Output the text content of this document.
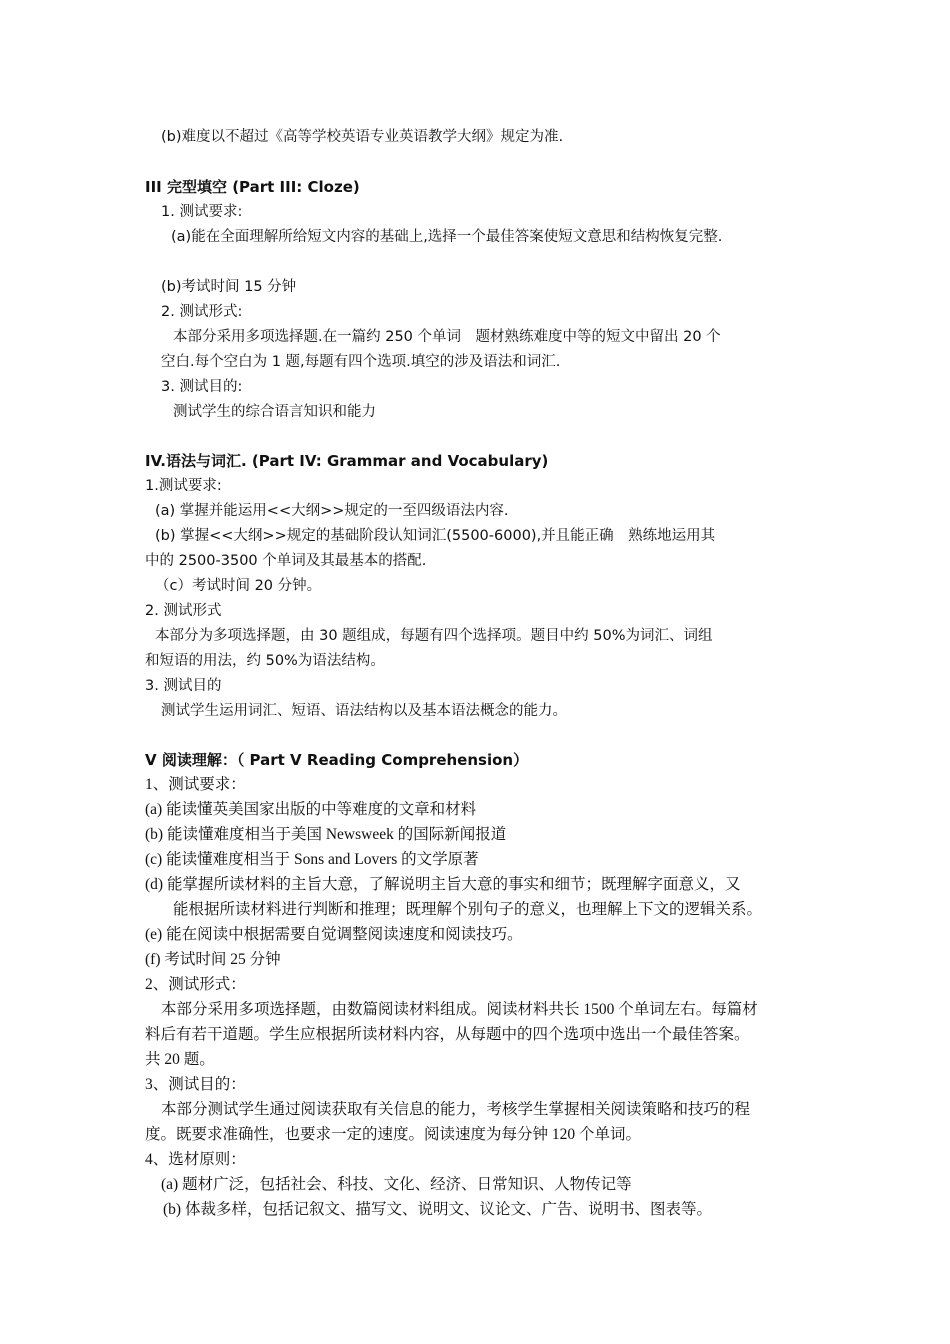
(b)难度以不超过《高等学校英语专业英语教学大纲》规定为准.
III 完型填空 (Part III: Cloze)
1. 测试要求:
(a)能在全面理解所给短文内容的基础上,选择一个最佳答案使短文意思和结构恢复完整.
(b)考试时间 15 分钟
2. 测试形式:
本部分采用多项选择题.在一篇约 250 个单词　题材熟练难度中等的短文中留出 20 个
空白.每个空白为 1 题,每题有四个选项.填空的涉及语法和词汇.
3. 测试目的:
测试学生的综合语言知识和能力
IV.语法与词汇. (Part IV: Grammar and Vocabulary)
1.测试要求:
(a) 掌握并能运用<<大纲>>规定的一至四级语法内容.
(b) 掌握<<大纲>>规定的基础阶段认知词汇(5500-6000),并且能正确　熟练地运用其
中的 2500-3500 个单词及其最基本的搭配.
（c）考试时间 20 分钟。
2. 测试形式
本部分为多项选择题，由 30 题组成，每题有四个选择项。题目中约 50%为词汇、词组
和短语的用法，约 50%为语法结构。
3. 测试目的
测试学生运用词汇、短语、语法结构以及基本语法概念的能力。
Ⅴ 阅读理解：（ Part Ⅴ Reading Comprehension）
1、测试要求：
(a) 能读懂英美国家出版的中等难度的文章和材料
(b) 能读懂难度相当于美国 Newsweek 的国际新闻报道
(c) 能读懂难度相当于 Sons and Lovers 的文学原著
(d) 能掌握所读材料的主旨大意，了解说明主旨大意的事实和细节；既理解字面意义，又
能根据所读材料进行判断和推理；既理解个别句子的意义，也理解上下文的逻辑关系。
(e) 能在阅读中根据需要自觉调整阅读速度和阅读技巧。
(f) 考试时间 25 分钟
2、测试形式：
本部分采用多项选择题，由数篇阅读材料组成。阅读材料共长 1500 个单词左右。每篇材
料后有若干道题。学生应根据所读材料内容，从每题中的四个选项中选出一个最佳答案。
共 20 题。
3、测试目的：
本部分测试学生通过阅读获取有关信息的能力，考核学生掌握相关阅读策略和技巧的程
度。既要求准确性，也要求一定的速度。阅读速度为每分钟 120 个单词。
4、选材原则：
(a) 题材广泛，包括社会、科技、文化、经济、日常知识、人物传记等
(b) 体裁多样，包括记叙文、描写文、说明文、议论文、广告、说明书、图表等。
